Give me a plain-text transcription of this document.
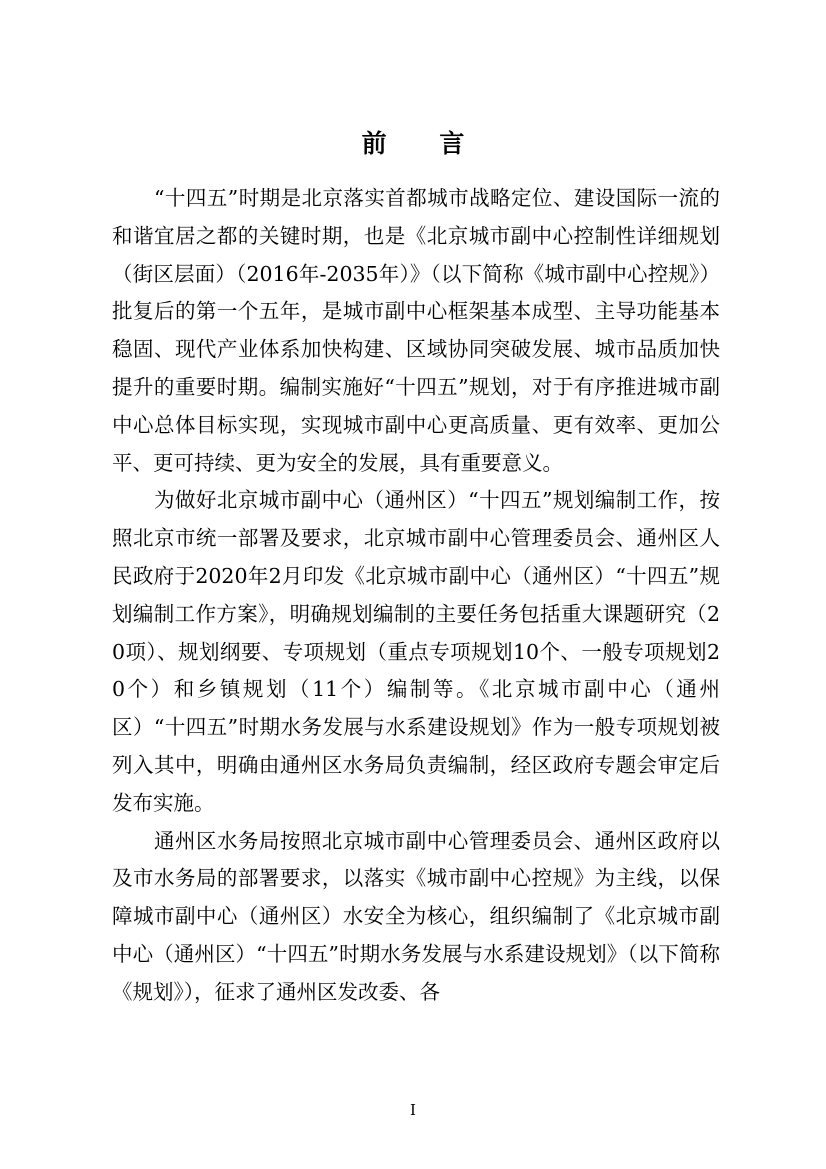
前 言

“十四五”时期是北京落实首都城市战略定位、建设国际一流的和谐宜居之都的关键时期，也是《北京城市副中心控制性详细规划（街区层面）（2016年-2035年）》（以下简称《城市副中心控规》）批复后的第一个五年，是城市副中心框架基本成型、主导功能基本稳固、现代产业体系加快构建、区域协同突破发展、城市品质加快提升的重要时期。编制实施好“十四五”规划，对于有序推进城市副中心总体目标实现，实现城市副中心更高质量、更有效率、更加公平、更可持续、更为安全的发展，具有重要意义。

为做好北京城市副中心（通州区）“十四五”规划编制工作，按照北京市统一部署及要求，北京城市副中心管理委员会、通州区人民政府于2020年2月印发《北京城市副中心（通州区）“十四五”规划编制工作方案》，明确规划编制的主要任务包括重大课题研究（20项）、规划纲要、专项规划（重点专项规划10个、一般专项规划20个）和乡镇规划（11个）编制等。《北京城市副中心（通州区）“十四五”时期水务发展与水系建设规划》作为一般专项规划被列入其中，明确由通州区水务局负责编制，经区政府专题会审定后发布实施。

通州区水务局按照北京城市副中心管理委员会、通州区政府以及市水务局的部署要求，以落实《城市副中心控规》为主线，以保障城市副中心（通州区）水安全为核心，组织编制了《北京城市副中心（通州区）“十四五”时期水务发展与水系建设规划》（以下简称《规划》），征求了通州区发改委、各

I
